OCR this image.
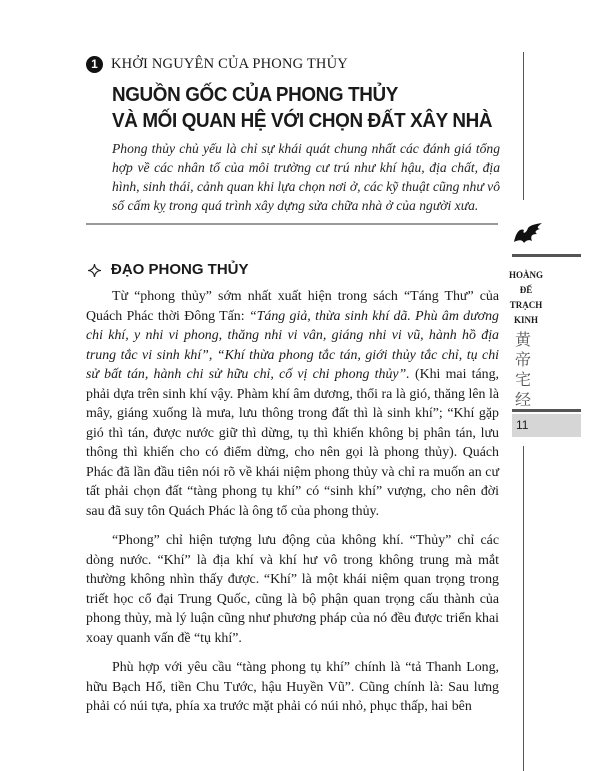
1 KHỞI NGUYÊN CỦA PHONG THỦY
NGUỒN GỐC CỦA PHONG THỦY
VÀ MỐI QUAN HỆ VỚI CHỌN ĐẤT XÂY NHÀ
Phong thủy chủ yếu là chỉ sự khái quát chung nhất các đánh giá tổng hợp về các nhân tố của môi trường cư trú như khí hậu, địa chất, địa hình, sinh thái, cảnh quan khi lựa chọn nơi ở, các kỹ thuật cũng như vô số cấm kỵ trong quá trình xây dựng sửa chữa nhà ở của người xưa.
ĐẠO PHONG THỦY

Từ “phong thủy” sớm nhất xuất hiện trong sách “Táng Thư” của Quách Phác thời Đông Tấn: “Táng giả, thừa sinh khí dã. Phù âm dương chi khí, y nhi vi phong, thăng nhi vi vân, giáng nhi vi vũ, hành hồ địa trung tắc vi sinh khí”, “Khí thừa phong tắc tán, giới thủy tắc chỉ, tụ chi sử bất tán, hành chi sử hữu chỉ, cố vị chi phong thủy”. (Khi mai táng, phải dựa trên sinh khí vậy. Phàm khí âm dương, thổi ra là gió, thăng lên là mây, giáng xuống là mưa, lưu thông trong đất thì là sinh khí”; “Khí gặp gió thì tán, được nước giữ thì dừng, tụ thì khiến không bị phân tán, lưu thông thì khiến cho có điểm dừng, cho nên gọi là phong thủy). Quách Phác đã lần đầu tiên nói rõ về khái niệm phong thủy và chỉ ra muốn an cư tất phải chọn đất “tàng phong tụ khí” có “sinh khí” vượng, cho nên đời sau đã suy tôn Quách Phác là ông tổ của phong thủy.

“Phong” chỉ hiện tượng lưu động của không khí. “Thủy” chỉ các dòng nước. “Khí” là địa khí và khí hư vô trong không trung mà mắt thường không nhìn thấy được. “Khí” là một khái niệm quan trọng trong triết học cổ đại Trung Quốc, cũng là bộ phận quan trọng cấu thành của phong thủy, mà lý luận cũng như phương pháp của nó đều được triển khai xoay quanh vấn đề “tụ khí”.

Phù hợp với yêu cầu “tàng phong tụ khí” chính là “tả Thanh Long, hữu Bạch Hổ, tiền Chu Tước, hậu Huyền Vũ”. Cũng chính là: Sau lưng phải có núi tựa, phía xa trước mặt phải có núi nhỏ, phục thấp, hai bên

HOÀNG
ĐẾ
TRẠCH
KINH
黄
帝
宅
经
11
